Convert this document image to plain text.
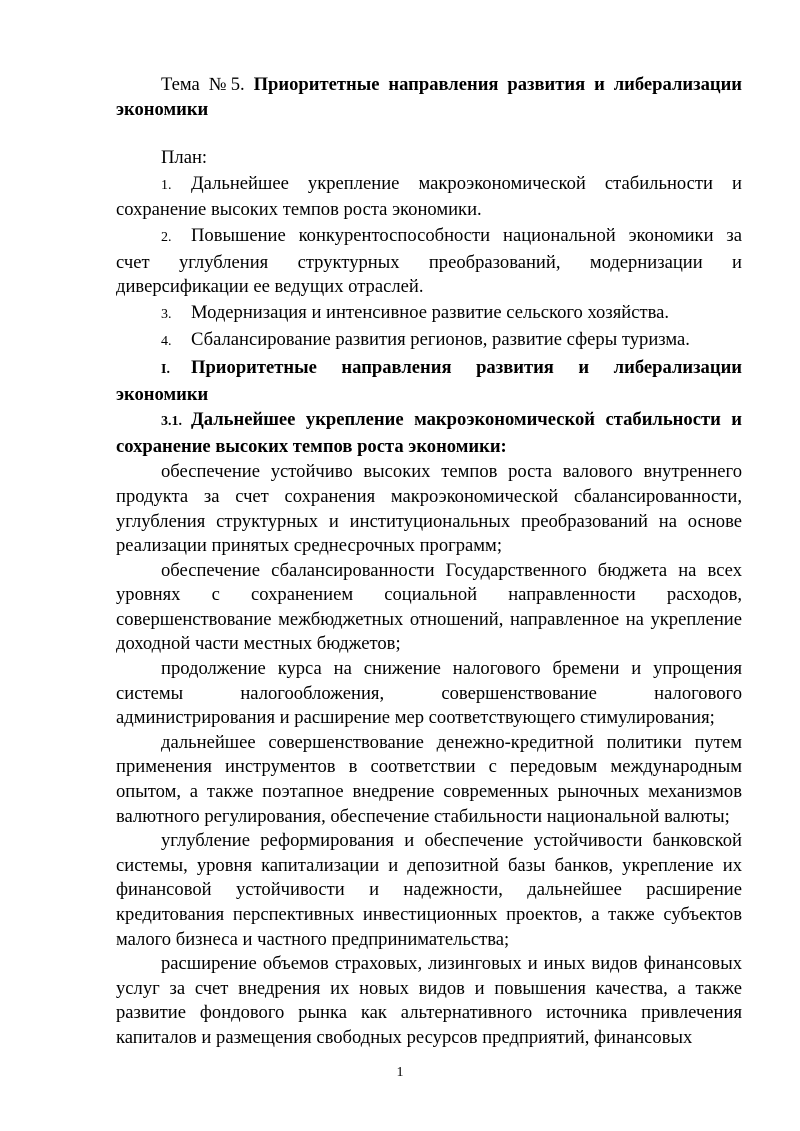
Тема №5. Приоритетные направления развития и либерализации экономики

План:

1. Дальнейшее укрепление макроэкономической стабильности и сохранение высоких темпов роста экономики.

2. Повышение конкурентоспособности национальной экономики за счет углубления структурных преобразований, модернизации и диверсификации ее ведущих отраслей.

3. Модернизация и интенсивное развитие сельского хозяйства.

4. Сбалансирование развития регионов, развитие сферы туризма.

I. Приоритетные направления развития и либерализации экономики

3.1. Дальнейшее укрепление макроэкономической стабильности и сохранение высоких темпов роста экономики:

обеспечение устойчиво высоких темпов роста валового внутреннего продукта за счет сохранения макроэкономической сбалансированности, углубления структурных и институциональных преобразований на основе реализации принятых среднесрочных программ;

обеспечение сбалансированности Государственного бюджета на всех уровнях с сохранением социальной направленности расходов, совершенствование межбюджетных отношений, направленное на укрепление доходной части местных бюджетов;

продолжение курса на снижение налогового бремени и упрощения системы налогообложения, совершенствование налогового администрирования и расширение мер соответствующего стимулирования;

дальнейшее совершенствование денежно-кредитной политики путем применения инструментов в соответствии с передовым международным опытом, а также поэтапное внедрение современных рыночных механизмов валютного регулирования, обеспечение стабильности национальной валюты;

углубление реформирования и обеспечение устойчивости банковской системы, уровня капитализации и депозитной базы банков, укрепление их финансовой устойчивости и надежности, дальнейшее расширение кредитования перспективных инвестиционных проектов, а также субъектов малого бизнеса и частного предпринимательства;

расширение объемов страховых, лизинговых и иных видов финансовых услуг за счет внедрения их новых видов и повышения качества, а также развитие фондового рынка как альтернативного источника привлечения капиталов и размещения свободных ресурсов предприятий, финансовых

1
